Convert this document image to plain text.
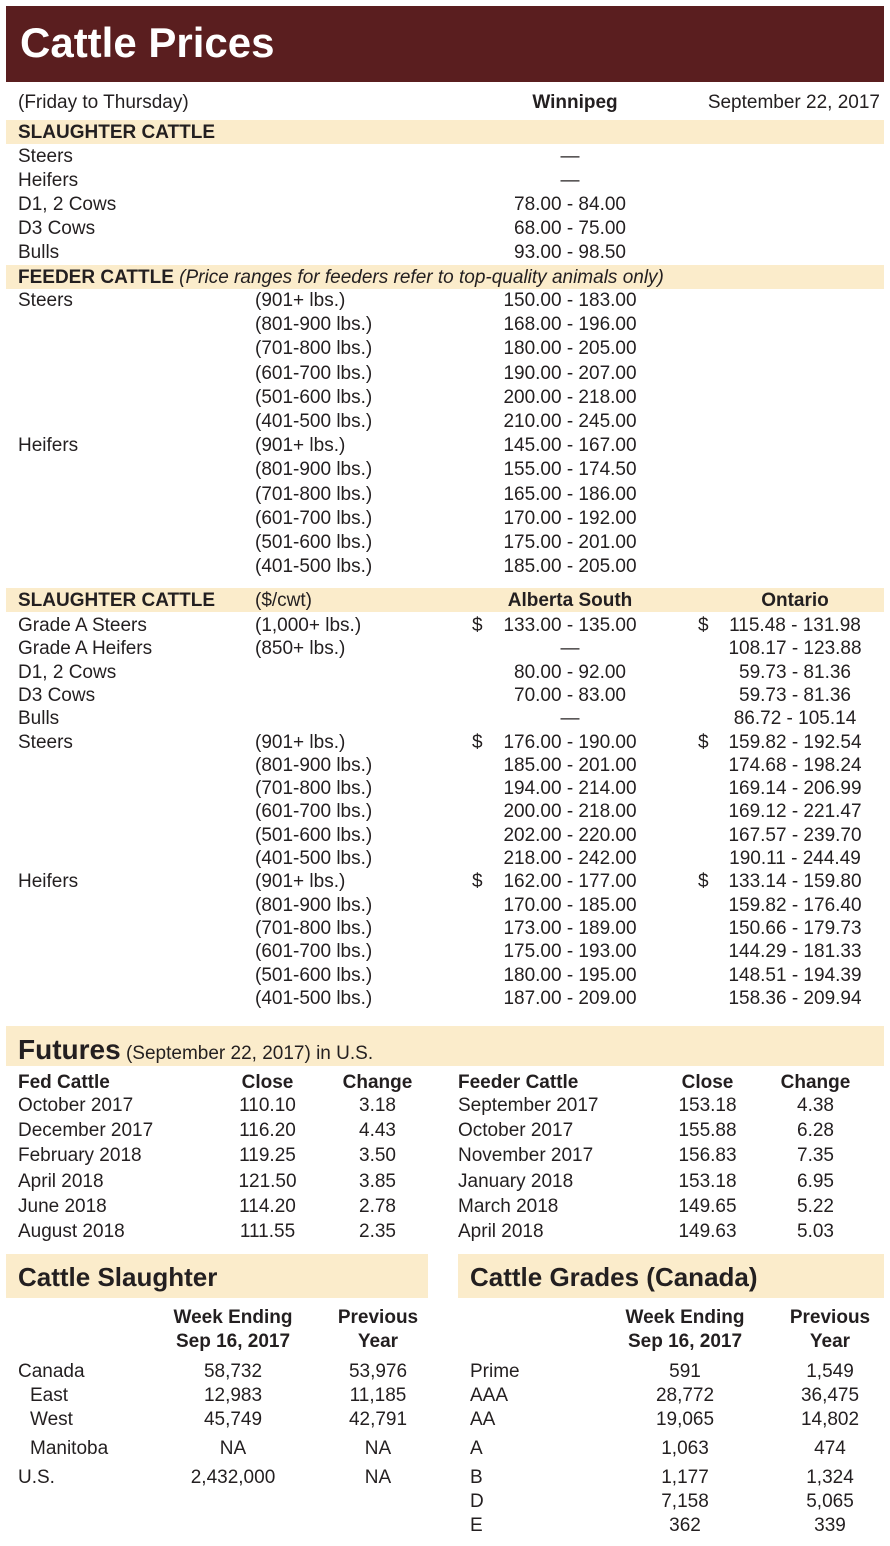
Cattle Prices
(Friday to Thursday)	Winnipeg	September 22, 2017
SLAUGHTER CATTLE
Steers	—
Heifers	—
D1, 2 Cows	78.00 - 84.00
D3 Cows	68.00 - 75.00
Bulls	93.00 - 98.50
FEEDER CATTLE (Price ranges for feeders refer to top-quality animals only)
Steers	(901+ lbs.)	150.00 - 183.00
(801-900 lbs.)	168.00 - 196.00
(701-800 lbs.)	180.00 - 205.00
(601-700 lbs.)	190.00 - 207.00
(501-600 lbs.)	200.00 - 218.00
(401-500 lbs.)	210.00 - 245.00
Heifers	(901+ lbs.)	145.00 - 167.00
(801-900 lbs.)	155.00 - 174.50
(701-800 lbs.)	165.00 - 186.00
(601-700 lbs.)	170.00 - 192.00
(501-600 lbs.)	175.00 - 201.00
(401-500 lbs.)	185.00 - 205.00
SLAUGHTER CATTLE ($/cwt)	Alberta South	Ontario
Grade A Steers	(1,000+ lbs.)	$	133.00 - 135.00	$	115.48 - 131.98
Grade A Heifers	(850+ lbs.)	—	108.17 - 123.88
D1, 2 Cows	80.00 - 92.00	59.73 - 81.36
D3 Cows	70.00 - 83.00	59.73 - 81.36
Bulls	—	86.72 - 105.14
Steers	(901+ lbs.)	$	176.00 - 190.00	$	159.82 - 192.54
(801-900 lbs.)	185.00 - 201.00	174.68 - 198.24
(701-800 lbs.)	194.00 - 214.00	169.14 - 206.99
(601-700 lbs.)	200.00 - 218.00	169.12 - 221.47
(501-600 lbs.)	202.00 - 220.00	167.57 - 239.70
(401-500 lbs.)	218.00 - 242.00	190.11 - 244.49
Heifers	(901+ lbs.)	$	162.00 - 177.00	$	133.14 - 159.80
(801-900 lbs.)	170.00 - 185.00	159.82 - 176.40
(701-800 lbs.)	173.00 - 189.00	150.66 - 179.73
(601-700 lbs.)	175.00 - 193.00	144.29 - 181.33
(501-600 lbs.)	180.00 - 195.00	148.51 - 194.39
(401-500 lbs.)	187.00 - 209.00	158.36 - 209.94
Futures (September 22, 2017) in U.S.
Fed Cattle	Close	Change
October 2017	110.10	3.18
December 2017	116.20	4.43
February 2018	119.25	3.50
April 2018	121.50	3.85
June 2018	114.20	2.78
August 2018	111.55	2.35
Feeder Cattle	Close	Change
September 2017	153.18	4.38
October 2017	155.88	6.28
November 2017	156.83	7.35
January 2018	153.18	6.95
March 2018	149.65	5.22
April 2018	149.63	5.03
Cattle Slaughter
Week Ending
Sep 16, 2017
Previous
Year
Canada	58,732	53,976
East	12,983	11,185
West	45,749	42,791
Manitoba	NA	NA
U.S.	2,432,000	NA
Cattle Grades (Canada)
Week Ending
Sep 16, 2017
Previous
Year
Prime	591	1,549
AAA	28,772	36,475
AA	19,065	14,802
A	1,063	474
B	1,177	1,324
D	7,158	5,065
E	362	339
